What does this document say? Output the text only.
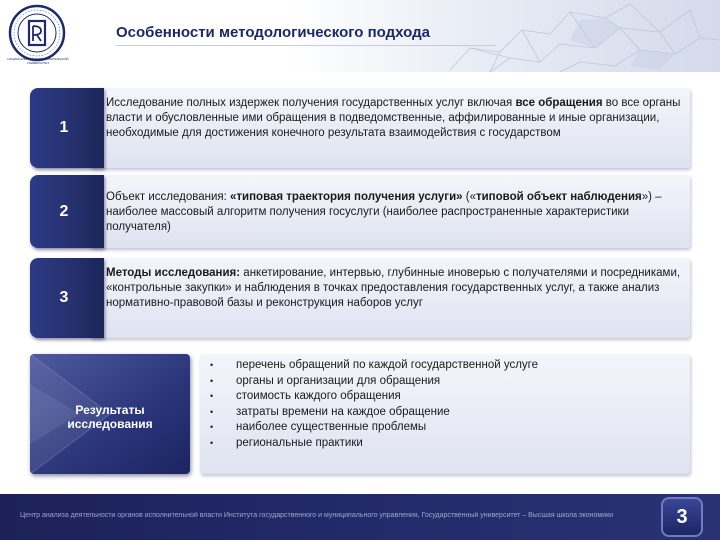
НАЦИОНАЛЬНЫЙ ИССЛЕДОВАТЕЛЬСКИЙ УНИВЕРСИТЕТ
Особенности методологического подхода
1
Исследование полных издержек получения государственных услуг включая все обращения во все органы власти и обусловленные ими обращения в подведомственные, аффилированные и иные организации, необходимые для достижения конечного результата взаимодействия с государством
2
Объект исследования: «типовая траектория получения услуги» («типовой объект наблюдения») – наиболее массовый алгоритм получения госуслуги (наиболее распространенные характеристики получателя)
3
Методы исследования: анкетирование, интервью, глубинные иноверью с получателями и посредниками, «контрольные закупки» и наблюдения в точках предоставления государственных услуг, а также анализ нормативно-правовой базы и реконструкция наборов услуг
Результаты
исследования
• перечень обращений по каждой государственной услуге
• органы и организации для обращения
• стоимость каждого обращения
• затраты времени на каждое обращение
• наиболее существенные проблемы
• региональные практики
Центр анализа деятельности органов исполнительной власти Института государственного и муниципального управления, Государственный университет – Высшая школа экономики	3
